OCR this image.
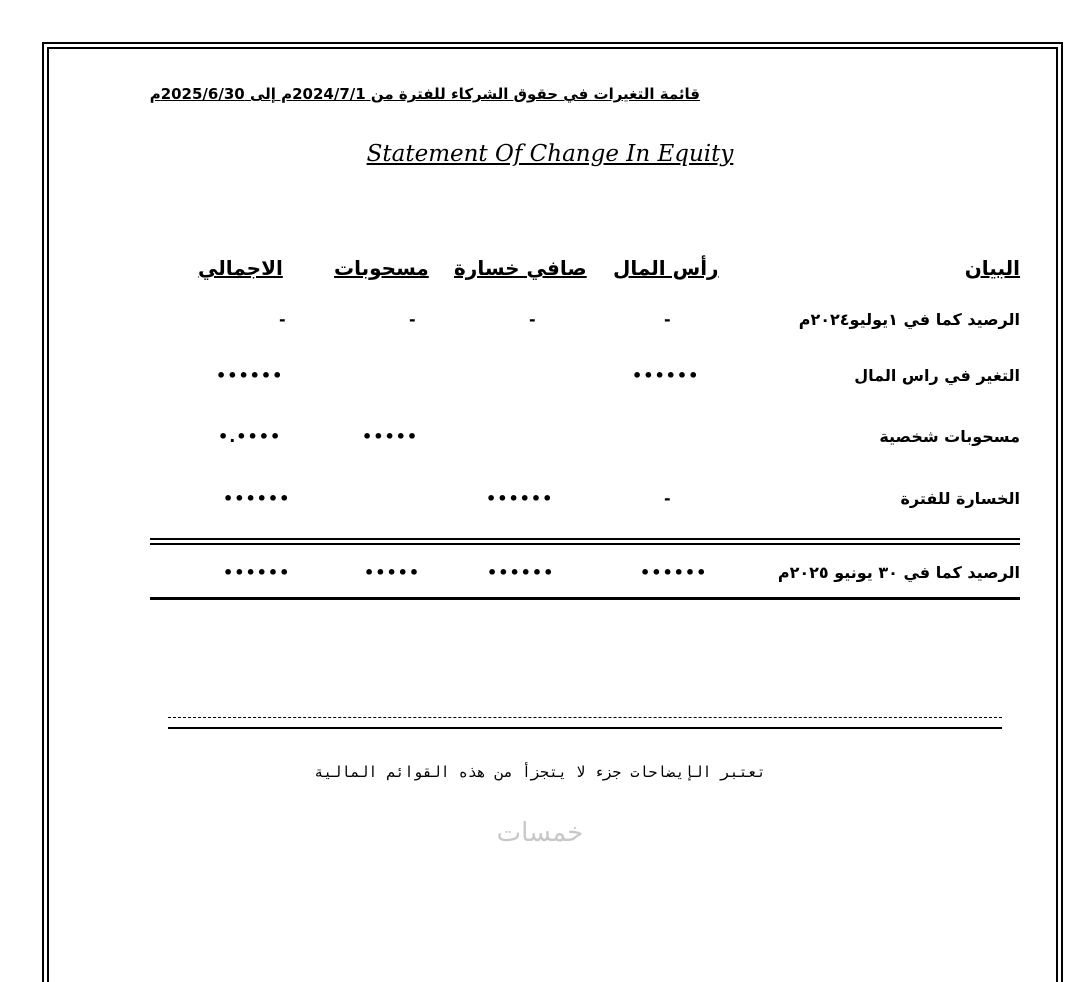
قائمة التغيرات في حقوق الشركاء للفترة من 2024/7/1م إلى 2025/6/30م
Statement Of Change In Equity
البيان
رأس المال
صافي خسارة
مسحوبات
الاجمالي
الرصيد كما في ١يوليو٢٠٢٤م
-
-
-
-
التغير في راس المال
••••••
••••••
مسحوبات شخصية
•••••
•.••••
الخسارة للفترة
-
••••••
••••••
الرصيد كما في ٣٠ يونيو ٢٠٢٥م
••••••
••••••
•••••
••••••
تعتبر الإيضاحات جزء لا يتجزأ من هذه القوائم المالية
خمسات
